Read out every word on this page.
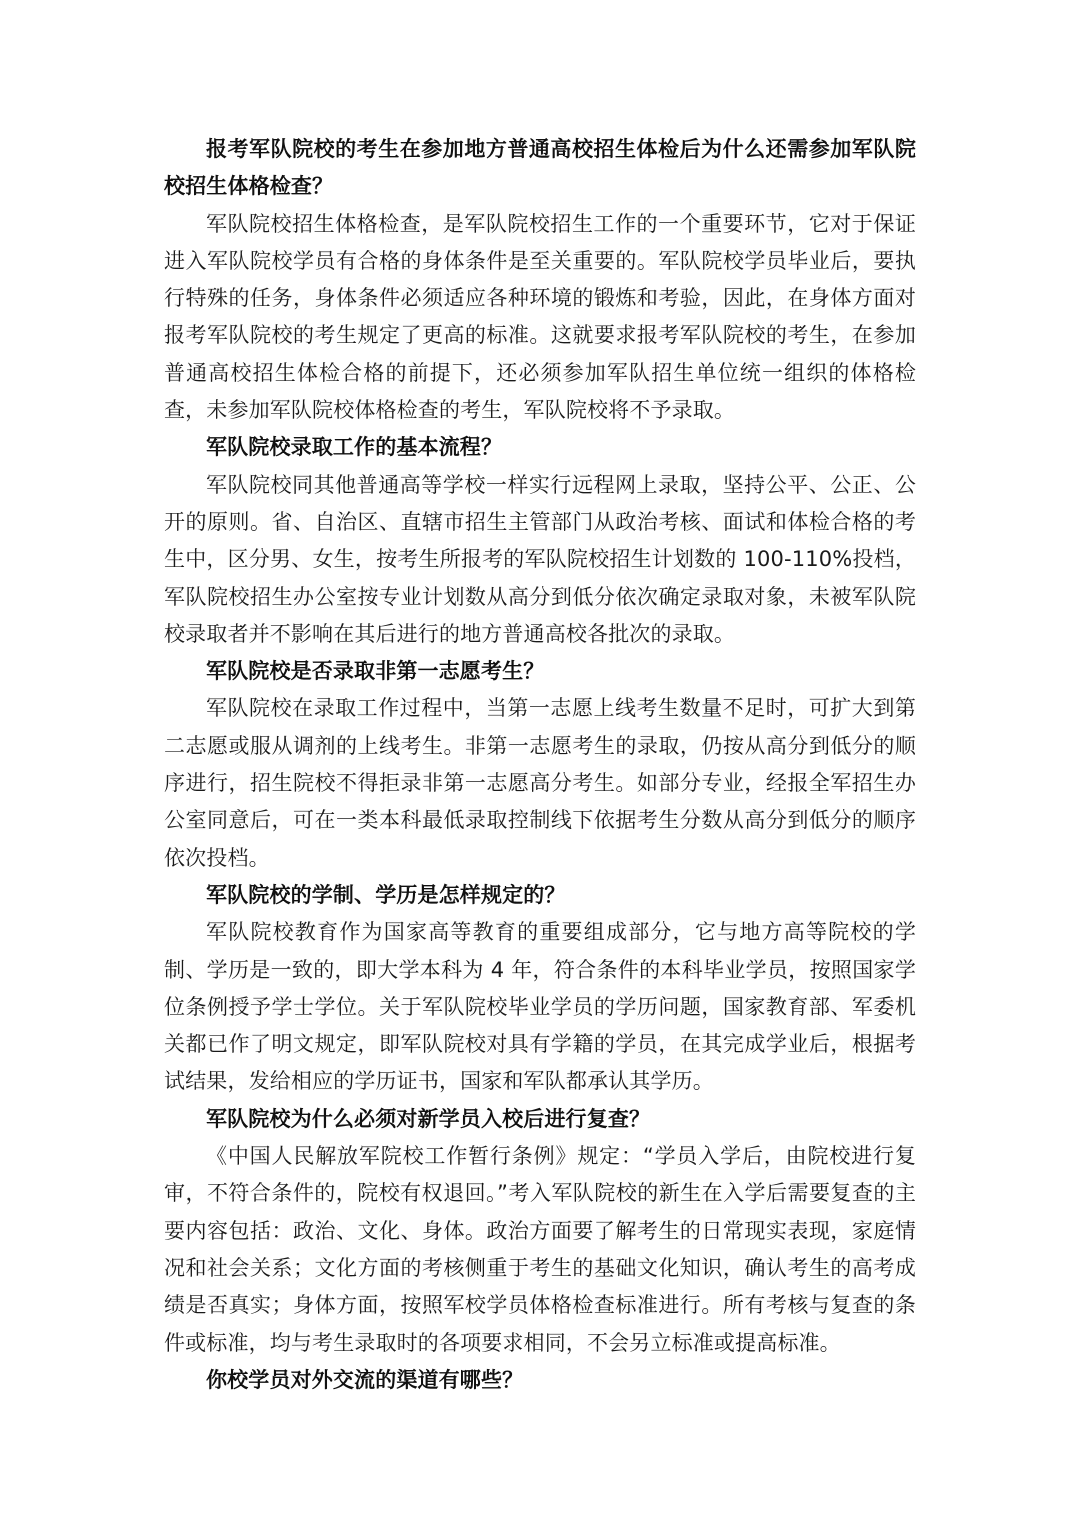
报考军队院校的考生在参加地方普通高校招生体检后为什么还需参加军队院校招生体格检查？

军队院校招生体格检查，是军队院校招生工作的一个重要环节，它对于保证进入军队院校学员有合格的身体条件是至关重要的。军队院校学员毕业后，要执行特殊的任务，身体条件必须适应各种环境的锻炼和考验，因此，在身体方面对报考军队院校的考生规定了更高的标准。这就要求报考军队院校的考生，在参加普通高校招生体检合格的前提下，还必须参加军队招生单位统一组织的体格检查，未参加军队院校体格检查的考生，军队院校将不予录取。

军队院校录取工作的基本流程？

军队院校同其他普通高等学校一样实行远程网上录取，坚持公平、公正、公开的原则。省、自治区、直辖市招生主管部门从政治考核、面试和体检合格的考生中，区分男、女生，按考生所报考的军队院校招生计划数的 100-110%投档，军队院校招生办公室按专业计划数从高分到低分依次确定录取对象，未被军队院校录取者并不影响在其后进行的地方普通高校各批次的录取。

军队院校是否录取非第一志愿考生？

军队院校在录取工作过程中，当第一志愿上线考生数量不足时，可扩大到第二志愿或服从调剂的上线考生。非第一志愿考生的录取，仍按从高分到低分的顺序进行，招生院校不得拒录非第一志愿高分考生。如部分专业，经报全军招生办公室同意后，可在一类本科最低录取控制线下依据考生分数从高分到低分的顺序依次投档。

军队院校的学制、学历是怎样规定的？

军队院校教育作为国家高等教育的重要组成部分，它与地方高等院校的学制、学历是一致的，即大学本科为 4 年，符合条件的本科毕业学员，按照国家学位条例授予学士学位。关于军队院校毕业学员的学历问题，国家教育部、军委机关都已作了明文规定，即军队院校对具有学籍的学员，在其完成学业后，根据考试结果，发给相应的学历证书，国家和军队都承认其学历。

军队院校为什么必须对新学员入校后进行复查？

《中国人民解放军院校工作暂行条例》规定：“学员入学后，由院校进行复审，不符合条件的，院校有权退回。”考入军队院校的新生在入学后需要复查的主要内容包括：政治、文化、身体。政治方面要了解考生的日常现实表现，家庭情况和社会关系；文化方面的考核侧重于考生的基础文化知识，确认考生的高考成绩是否真实；身体方面，按照军校学员体格检查标准进行。所有考核与复查的条件或标准，均与考生录取时的各项要求相同，不会另立标准或提高标准。

你校学员对外交流的渠道有哪些？
